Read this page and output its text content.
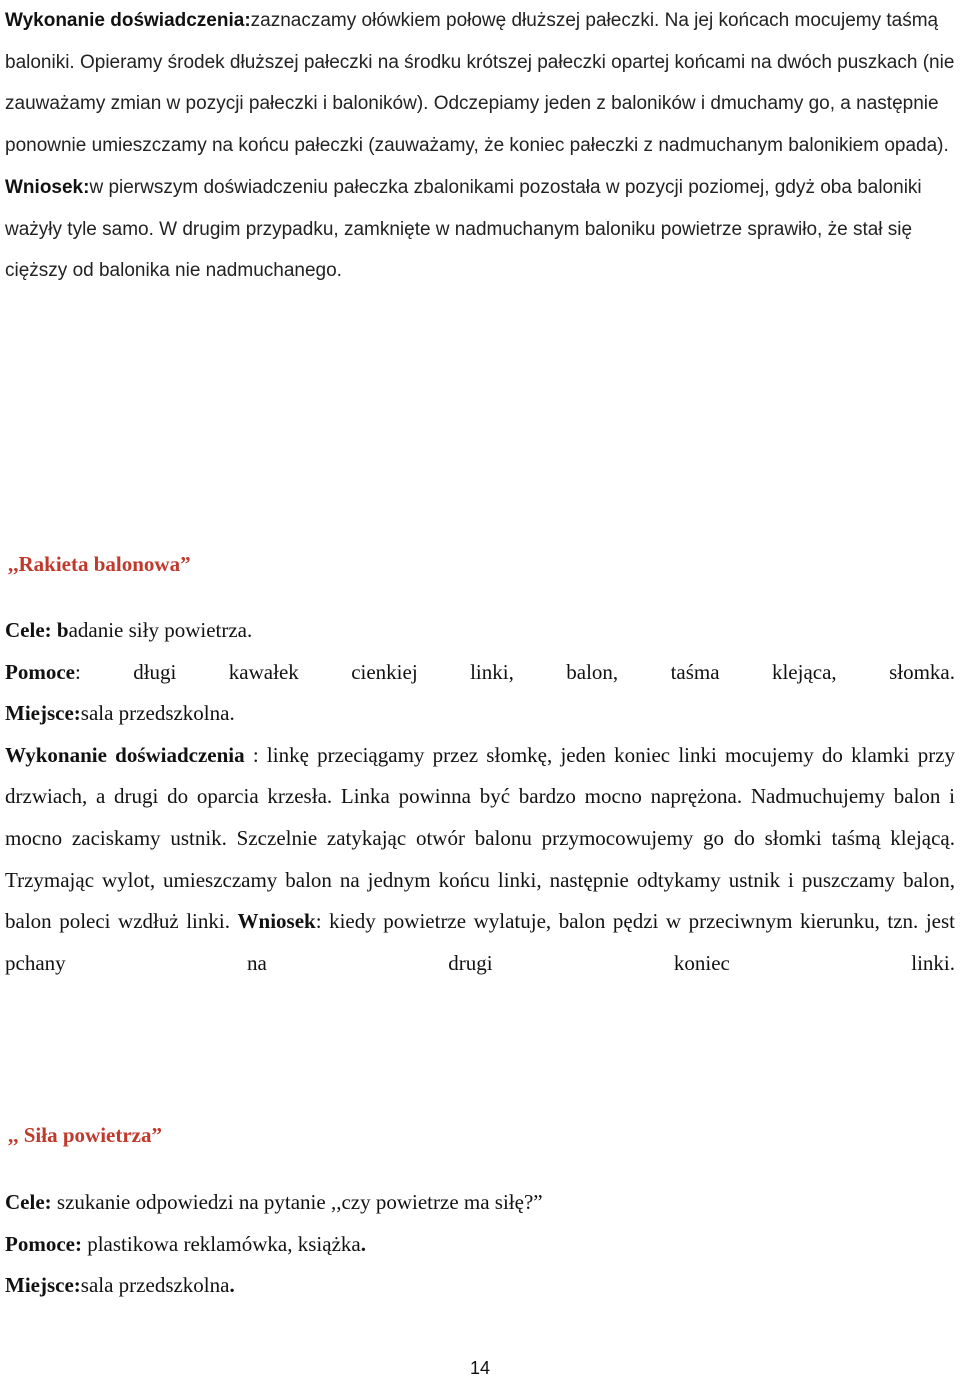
Wykonanie doświadczenia:zaznaczamy ołówkiem połowę dłuższej pałeczki. Na jej końcach mocujemy taśmą baloniki. Opieramy środek dłuższej pałeczki na środku krótszej pałeczki opartej końcami na dwóch puszkach (nie zauważamy zmian w pozycji pałeczki i baloników). Odczepiamy jeden z baloników i dmuchamy go, a następnie ponownie umieszczamy na końcu pałeczki (zauważamy, że koniec pałeczki z nadmuchanym balonikiem opada).

Wniosek:w pierwszym doświadczeniu pałeczka zbalonikami pozostała w pozycji poziomej, gdyż oba baloniki ważyły tyle samo. W drugim przypadku, zamknięte w nadmuchanym baloniku powietrze sprawiło, że stał się cięższy od balonika nie nadmuchanego.

,,Rakieta balonowa”

Cele: badanie siły powietrza.

Pomoce: długi kawałek cienkiej linki, balon, taśma klejąca, słomka.

Miejsce:sala przedszkolna.

Wykonanie doświadczenia : linkę przeciągamy przez słomkę, jeden koniec linki mocujemy do klamki przy drzwiach, a drugi do oparcia krzesła. Linka powinna być bardzo mocno naprężona. Nadmuchujemy balon i mocno zaciskamy ustnik. Szczelnie zatykając otwór balonu przymocowujemy go do słomki taśmą klejącą. Trzymając wylot, umieszczamy balon na jednym końcu linki, następnie odtykamy ustnik i puszczamy balon, balon poleci wzdłuż linki. Wniosek: kiedy powietrze wylatuje, balon pędzi w przeciwnym kierunku, tzn. jest pchany na drugi koniec linki.

,, Siła powietrza”

Cele: szukanie odpowiedzi na pytanie ,,czy powietrze ma siłę?”

Pomoce: plastikowa reklamówka, książka.

Miejsce:sala przedszkolna.

14
